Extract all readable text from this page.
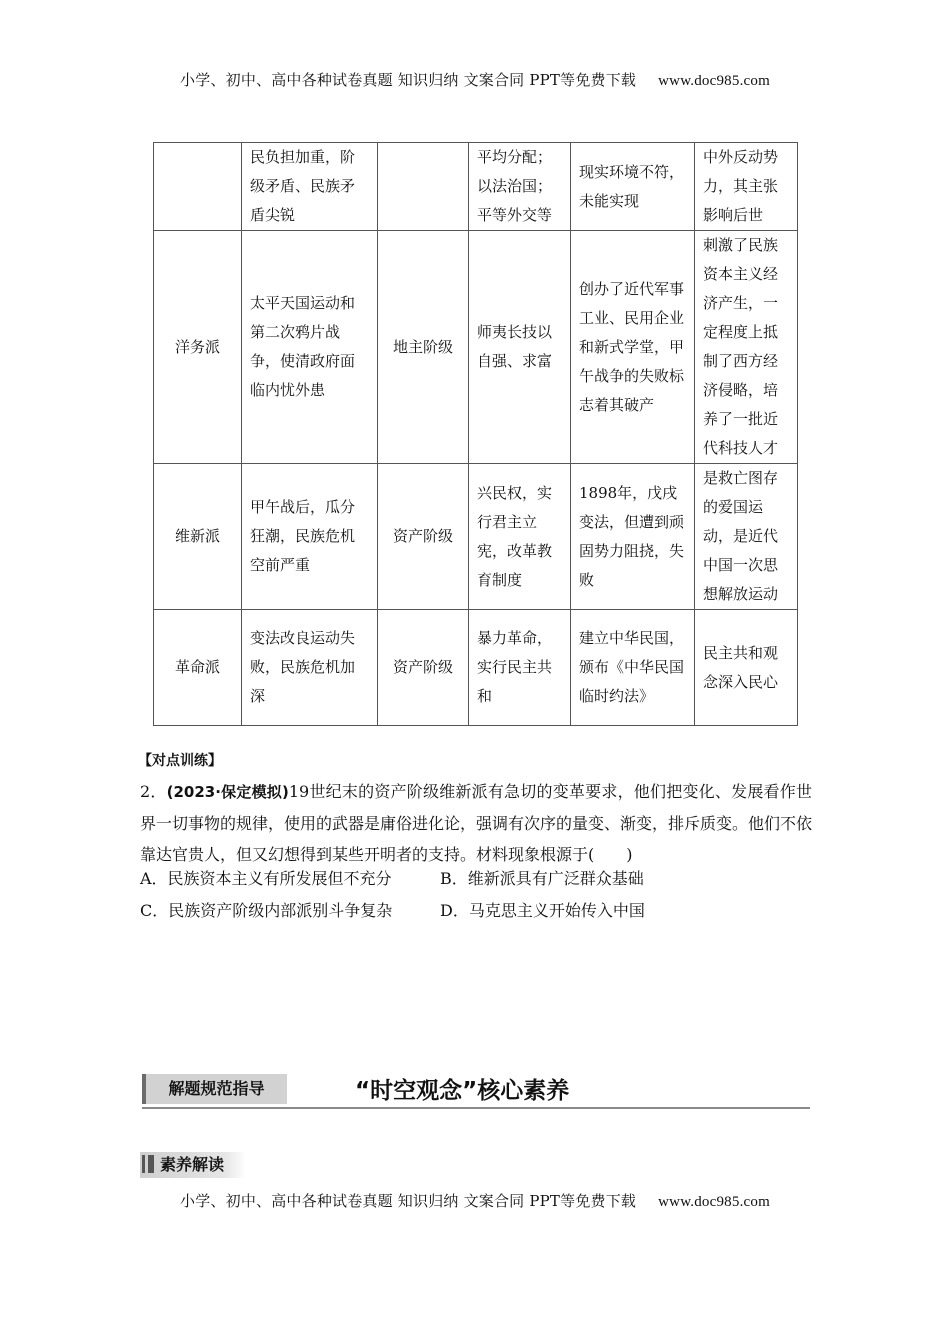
小学、初中、高中各种试卷真题 知识归纳 文案合同 PPT等免费下载 www.doc985.com
	民负担加重，阶级矛盾、民族矛盾尖锐		平均分配；以法治国；平等外交等	现实环境不符，未能实现	中外反动势力，其主张影响后世
洋务派	太平天国运动和第二次鸦片战争，使清政府面临内忧外患	地主阶级	师夷长技以自强、求富	创办了近代军事工业、民用企业和新式学堂，甲午战争的失败标志着其破产	刺激了民族资本主义经济产生，一定程度上抵制了西方经济侵略，培养了一批近代科技人才
维新派	甲午战后，瓜分狂潮，民族危机空前严重	资产阶级	兴民权，实行君主立宪，改革教育制度	1898年，戊戌变法，但遭到顽固势力阻挠，失败	是救亡图存的爱国运动，是近代中国一次思想解放运动
革命派	变法改良运动失败，民族危机加深	资产阶级	暴力革命，实行民主共和	建立中华民国，颁布《中华民国临时约法》	民主共和观念深入民心
【对点训练】
2．(2023·保定模拟)19世纪末的资产阶级维新派有急切的变革要求，他们把变化、发展看作世界一切事物的规律，使用的武器是庸俗进化论，强调有次序的量变、渐变，排斥质变。他们不依靠达官贵人，但又幻想得到某些开明者的支持。材料现象根源于(　　)
A．民族资本主义有所发展但不充分	B．维新派具有广泛群众基础
C．民族资产阶级内部派别斗争复杂	D．马克思主义开始传入中国
解题规范指导	“时空观念”核心素养
素养解读
小学、初中、高中各种试卷真题 知识归纳 文案合同 PPT等免费下载 www.doc985.com
